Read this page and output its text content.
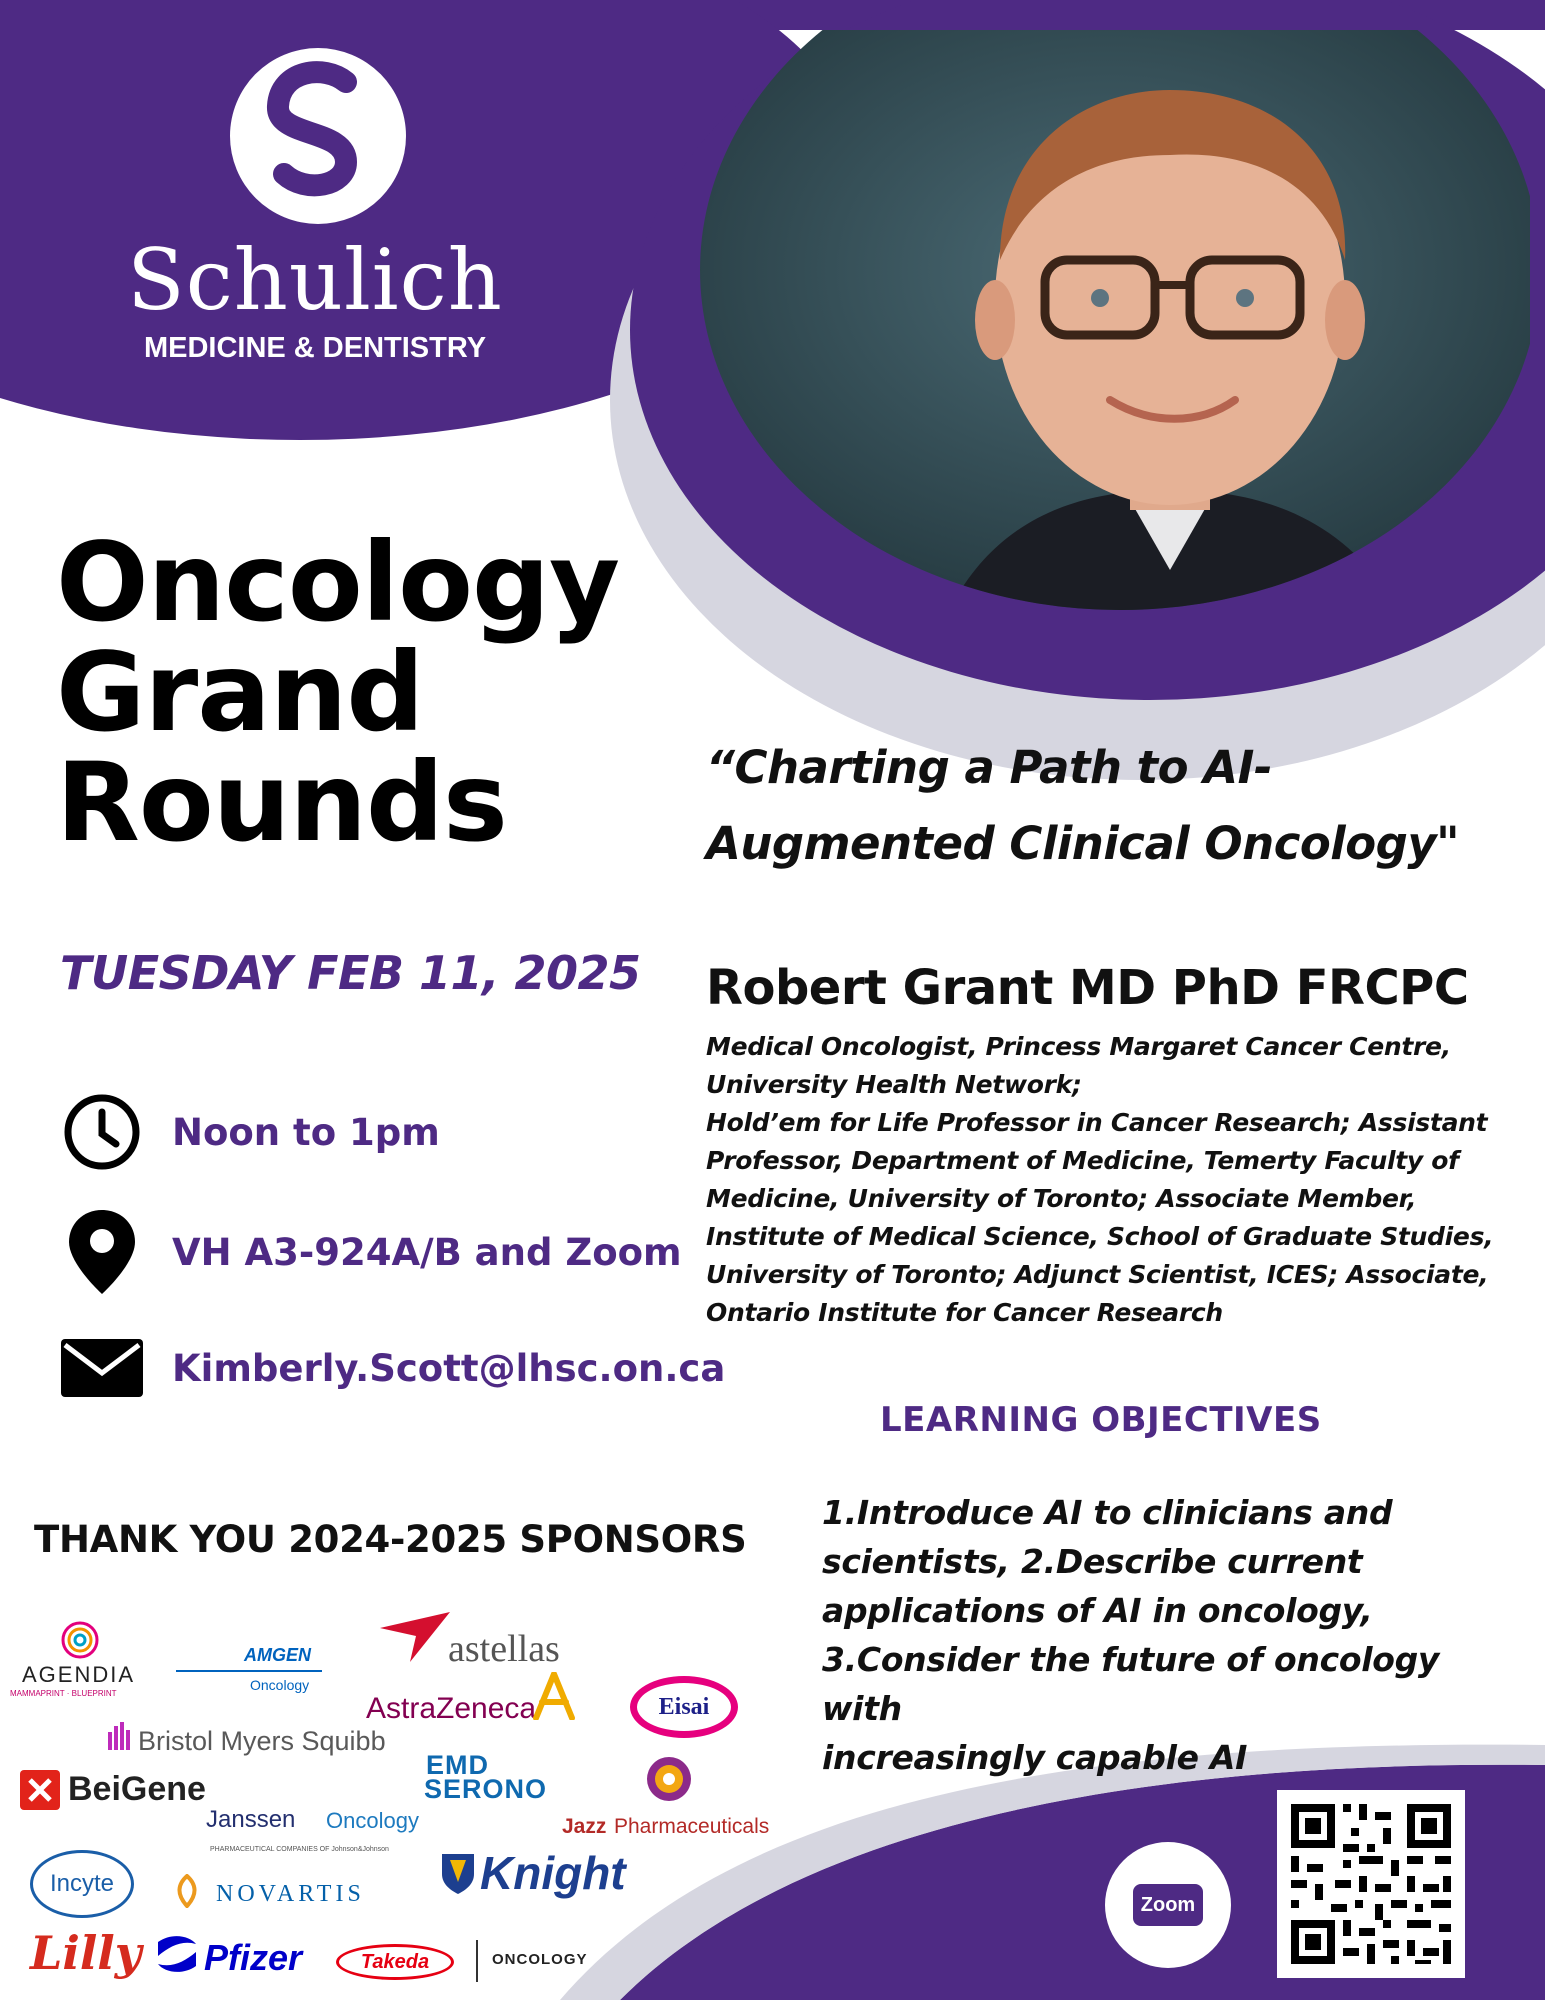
Schulich
MEDICINE & DENTISTRY
Oncology
Grand
Rounds	“Charting a Path to AI-
Augmented Clinical Oncology"
TUESDAY FEB 11, 2025
Noon to 1pm
VH A3-924A/B and Zoom
Kimberly.Scott@lhsc.on.ca
Robert Grant MD PhD FRCPC
Medical Oncologist, Princess Margaret Cancer Centre,
University Health Network;
Hold’em for Life Professor in Cancer Research; Assistant
Professor, Department of Medicine, Temerty Faculty of
Medicine, University of Toronto; Associate Member,
Institute of Medical Science, School of Graduate Studies,
University of Toronto; Adjunct Scientist, ICES; Associate,
Ontario Institute for Cancer Research
LEARNING OBJECTIVES
1.Introduce AI to clinicians and
scientists, 2.Describe current
applications of AI in oncology,
3.Consider the future of oncology with
increasingly capable AI
THANK YOU 2024-2025 SPONSORS
AGENDIA
MAMMAPRINT · BLUEPRINT
AMGEN
Oncology
astellas
AstraZeneca	Eisai
Bristol Myers Squibb
BeiGene
EMD
SERONO
Janssen Oncology
PHARMACEUTICAL COMPANIES OF Johnson&Johnson
Jazz Pharmaceuticals
Incyte	NOVARTIS	Knight
Lilly Pfizer	Takeda	ONCOLOGY
Zoom
